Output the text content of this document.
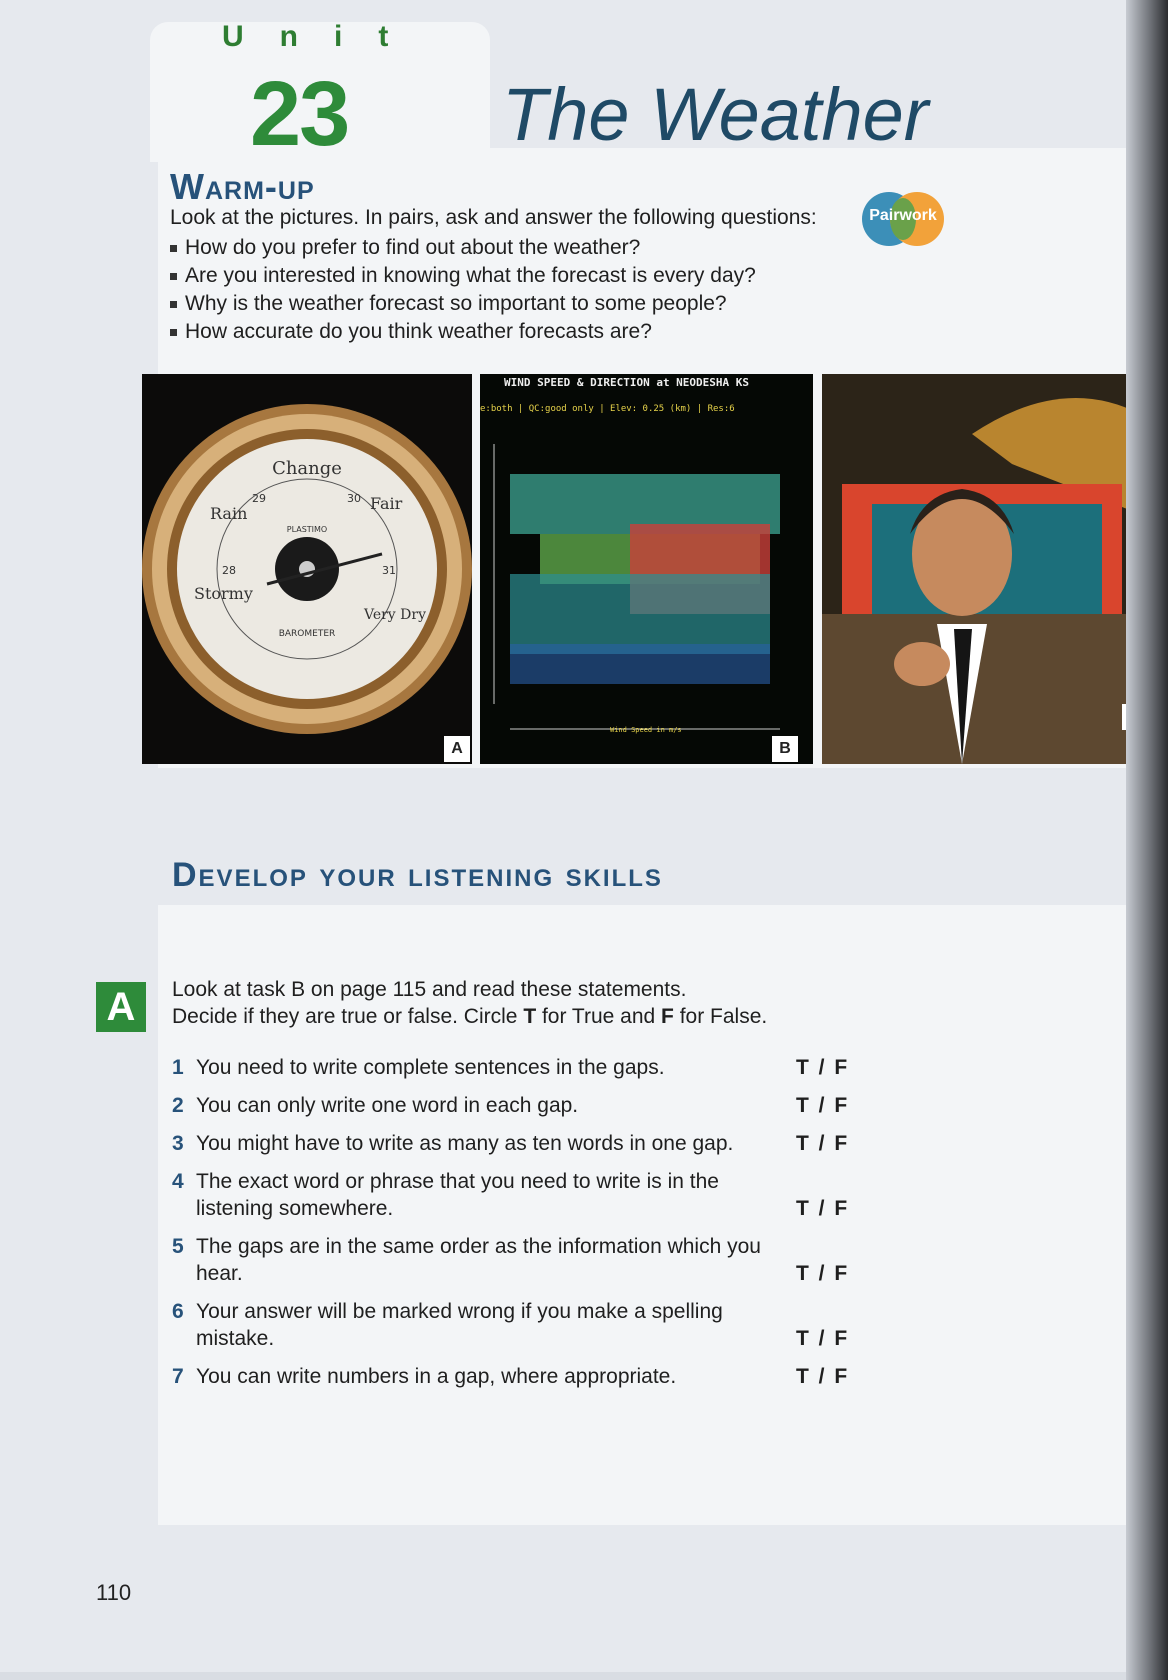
Unit
23 The Weather
Warm-up
Look at the pictures. In pairs, ask and answer the following questions:	Pairwork
How do you prefer to find out about the weather?
Are you interested in knowing what the forecast is every day?
Why is the weather forecast so important to some people?
How accurate do you think weather forecasts are?
Change
Rain
Stormy
Fair
Very Dry
29	30
31
28
PLASTIMO
BAROMETER
A
WIND SPEED & DIRECTION at NEODESHA KS
e:both | QC:good only | Elev: 0.25 (km) | Res:6
Wind Speed in m/s
B
Develop your listening skills
A	Look at task B on page 115 and read these statements.
Decide if they are true or false. Circle T for True and F for False.
1 You need to write complete sentences in the gaps.	T / F
2 You can only write one word in each gap.	T / F
3 You might have to write as many as ten words in one gap.	T / F
4 The exact word or phrase that you need to write is in the listening somewhere.	T / F
5 The gaps are in the same order as the information which you hear.	T / F
6 Your answer will be marked wrong if you make a spelling mistake.	T / F
7 You can write numbers in a gap, where appropriate.	T / F
110
